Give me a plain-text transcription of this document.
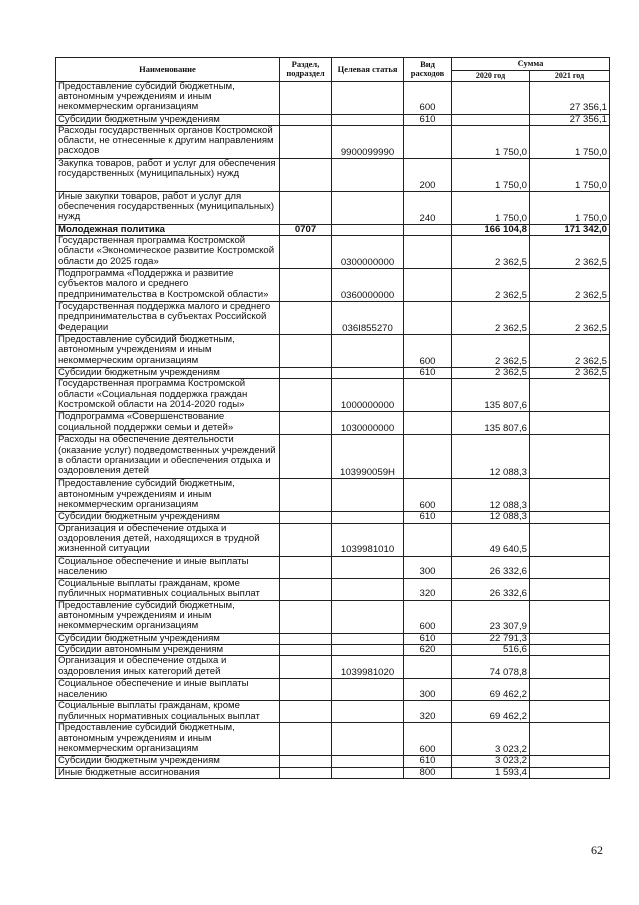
Наименование	Раздел, подраздел	Целевая статья	Вид расходов	Сумма	
				2020 год	2021 год
Предоставление субсидий бюджетным, автономным учреждениям и иным некоммерческим организациям			600		27 356,1
Субсидии бюджетным учреждениям			610		27 356,1
Расходы государственных органов Костромской области, не отнесенные к другим направлениям расходов		9900099990		1 750,0	1 750,0
Закупка товаров, работ и услуг для обеспечения государственных (муниципальных) нужд			200	1 750,0	1 750,0
Иные закупки товаров, работ и услуг для обеспечения государственных (муниципальных) нужд			240	1 750,0	1 750,0
Молодежная политика	0707			166 104,8	171 342,0
Государственная программа Костромской области «Экономическое развитие Костромской области до 2025 года»		0300000000		2 362,5	2 362,5
Подпрограмма «Поддержка и развитие субъектов малого и среднего предпринимательства в Костромской области»		0360000000		2 362,5	2 362,5
Государственная поддержка малого и среднего предпринимательства в субъектах Российской Федерации		036I855270		2 362,5	2 362,5
Предоставление субсидий бюджетным, автономным учреждениям и иным некоммерческим организациям			600	2 362,5	2 362,5
Субсидии бюджетным учреждениям			610	2 362,5	2 362,5
Государственная программа Костромской области «Социальная поддержка граждан Костромской области на 2014-2020 годы»		1000000000		135 807,6	
Подпрограмма «Совершенствование социальной поддержки семьи и детей»		1030000000		135 807,6	
Расходы на обеспечение деятельности (оказание услуг) подведомственных учреждений в области организации и обеспечения отдыха и оздоровления детей		103990059Н		12 088,3	
Предоставление субсидий бюджетным, автономным учреждениям и иным некоммерческим организациям			600	12 088,3	
Субсидии бюджетным учреждениям			610	12 088,3	
Организация и обеспечение отдыха и оздоровления детей, находящихся в трудной жизненной ситуации		1039981010		49 640,5	
Социальное обеспечение и иные выплаты населению			300	26 332,6	
Социальные выплаты гражданам, кроме публичных нормативных социальных выплат			320	26 332,6	
Предоставление субсидий бюджетным, автономным учреждениям и иным некоммерческим организациям			600	23 307,9	
Субсидии бюджетным учреждениям			610	22 791,3	
Субсидии автономным учреждениям			620	516,6	
Организация и обеспечение отдыха и оздоровления иных категорий детей		1039981020		74 078,8	
Социальное обеспечение и иные выплаты населению			300	69 462,2	
Социальные выплаты гражданам, кроме публичных нормативных социальных выплат			320	69 462,2	
Предоставление субсидий бюджетным, автономным учреждениям и иным некоммерческим организациям			600	3 023,2	
Субсидии бюджетным учреждениям			610	3 023,2	
Иные бюджетные ассигнования			800	1 593,4	
62
